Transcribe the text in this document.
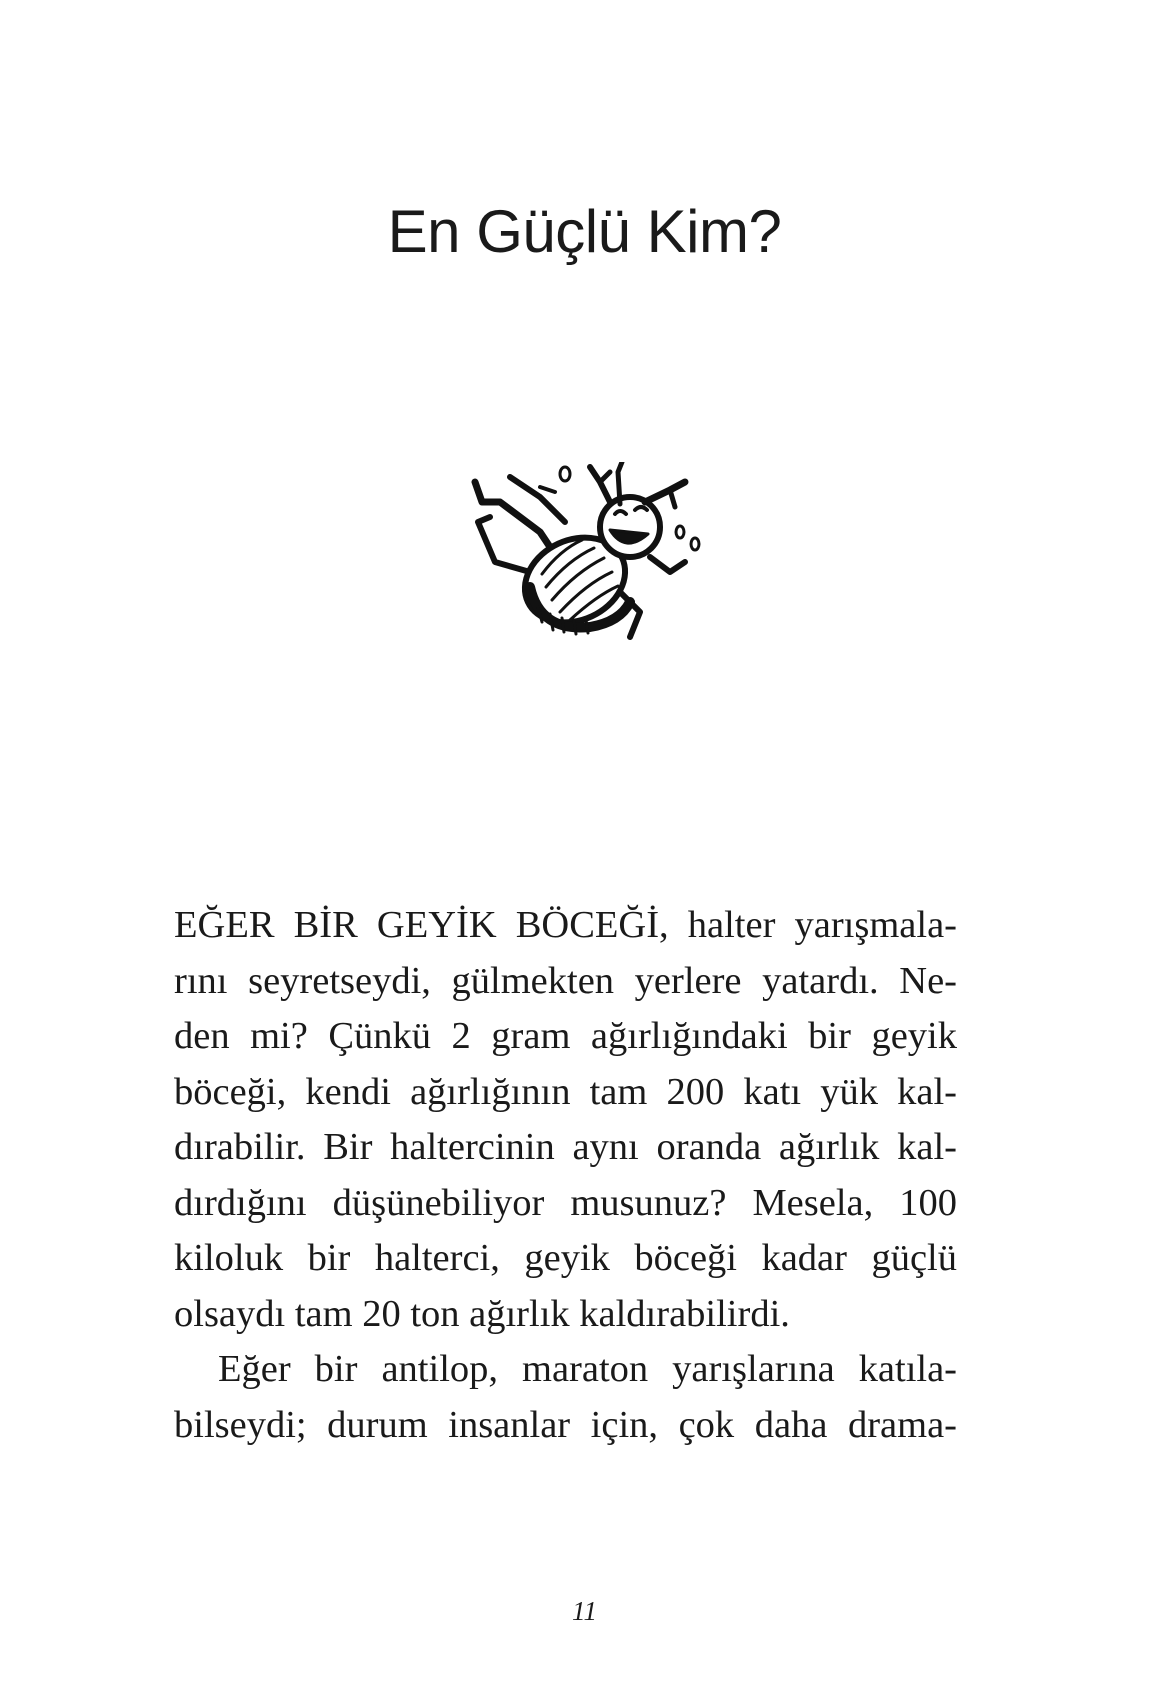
En Güçlü Kim?
EĞER BİR GEYİK BÖCEĞİ, halter yarışmala-
rını seyretseydi, gülmekten yerlere yatardı. Ne-
den mi? Çünkü 2 gram ağırlığındaki bir geyik
böceği, kendi ağırlığının tam 200 katı yük kal-
dırabilir. Bir haltercinin aynı oranda ağırlık kal-
dırdığını düşünebiliyor musunuz? Mesela, 100
kiloluk bir halterci, geyik böceği kadar güçlü
olsaydı tam 20 ton ağırlık kaldırabilirdi.
Eğer bir antilop, maraton yarışlarına katıla-
bilseydi; durum insanlar için, çok daha drama-

11
